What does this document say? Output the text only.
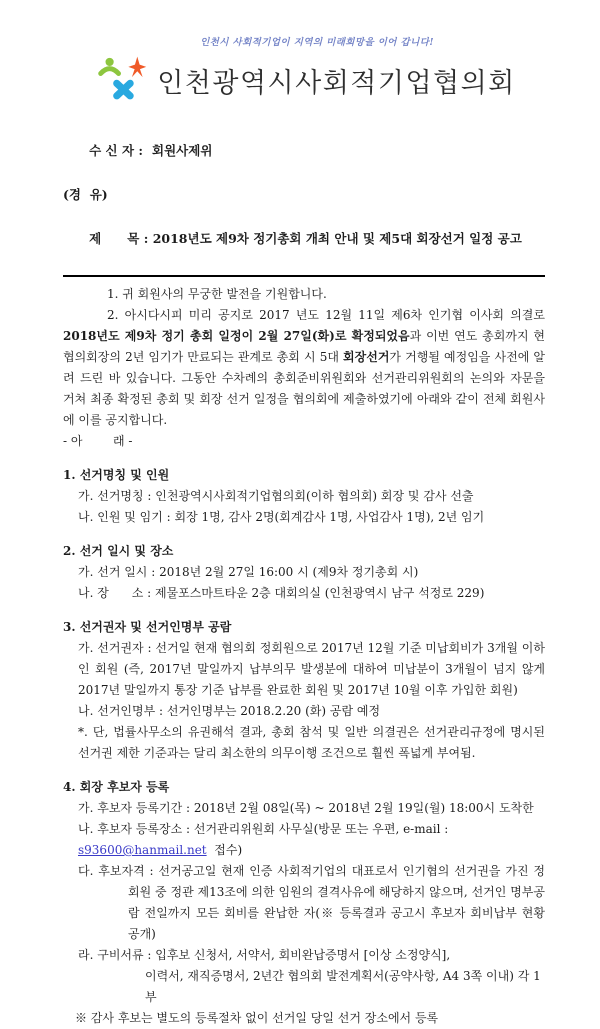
인천시 사회적기업이 지역의 미래희망을 이어 갑니다!
인천광역시사회적기업협의회

수 신 자 : 회원사제위

(경  유)

제      목 : 2018년도 제9차 정기총회 개최 안내 및 제5대 회장선거 일정 공고

1. 귀 회원사의 무궁한 발전을 기원합니다.

2. 아시다시피 미리 공지로 2017 년도 12월 11일 제6차 인기협 이사회 의결로 2018년도 제9차 정기 총회 일정이 2월 27일(화)로 확정되었음과 이번 연도 총회까지 현 협의회장의 2년 임기가 만료되는 관계로 총회 시 5대 회장선거가 거행될 예정임을 사전에 알려 드린 바 있습니다. 그동안 수차례의 총회준비위원회와 선거관리위원회의 논의와 자문을 거쳐 최종 확정된 총회 및 회장 선거 일정을 협의회에 제출하였기에 아래와 같이 전체 회원사에 이를 공지합니다.

- 아        래 -

1. 선거명칭 및 인원
가. 선거명칭 : 인천광역시사회적기업협의회(이하 협의회) 회장 및 감사 선출
나. 인원 및 임기 : 회장 1명, 감사 2명(회계감사 1명, 사업감사 1명), 2년 임기
2. 선거 일시 및 장소
가. 선거 일시 : 2018년 2월 27일 16:00 시 (제9차 정기총회 시)
나. 장      소 : 제물포스마트타운 2층 대회의실 (인천광역시 남구 석정로 229)
3. 선거권자 및 선거인명부 공람
가. 선거권자 : 선거일 현재 협의회 정회원으로 2017년 12월 기준 미납회비가 3개월 이하인 회원 (즉, 2017년 말일까지 납부의무 발생분에 대하여 미납분이 3개월이 넘지 않게 2017년 말일까지 통장 기준 납부를 완료한 회원 및 2017년 10월 이후 가입한 회원)
나. 선거인명부 : 선거인명부는 2018.2.20 (화) 공람 예정
*. 단, 법률사무소의 유권해석 결과, 총회 참석 및 일반 의결권은 선거관리규정에 명시된 선거권 제한 기준과는 달리 최소한의 의무이행 조건으로 훨씬 폭넓게 부여됨.
4. 회장 후보자 등록
가. 후보자 등록기간 : 2018년 2월 08일(목) ~ 2018년 2월 19일(월) 18:00시 도착한
나. 후보자 등록장소 : 선거관리위원회 사무실(방문 또는 우편, e-mail : s93600@hanmail.net  접수)
다. 후보자격 : 선거공고일 현재 인증 사회적기업의 대표로서 인기협의 선거권을 가진 정회원 중 정관 제13조에 의한 임원의 결격사유에 해당하지 않으며, 선거인 명부공람 전일까지 모든 회비를 완납한 자(※ 등록결과 공고시 후보자 회비납부 현황 공개)
라. 구비서류 : 입후보 신청서, 서약서, 회비완납증명서 [이상 소정양식],
이력서, 재직증명서, 2년간 협의회 발전계획서(공약사항, A4 3쪽 이내) 각 1부
※ 감사 후보는 별도의 등록절차 없이 선거일 당일 선거 장소에서 등록
